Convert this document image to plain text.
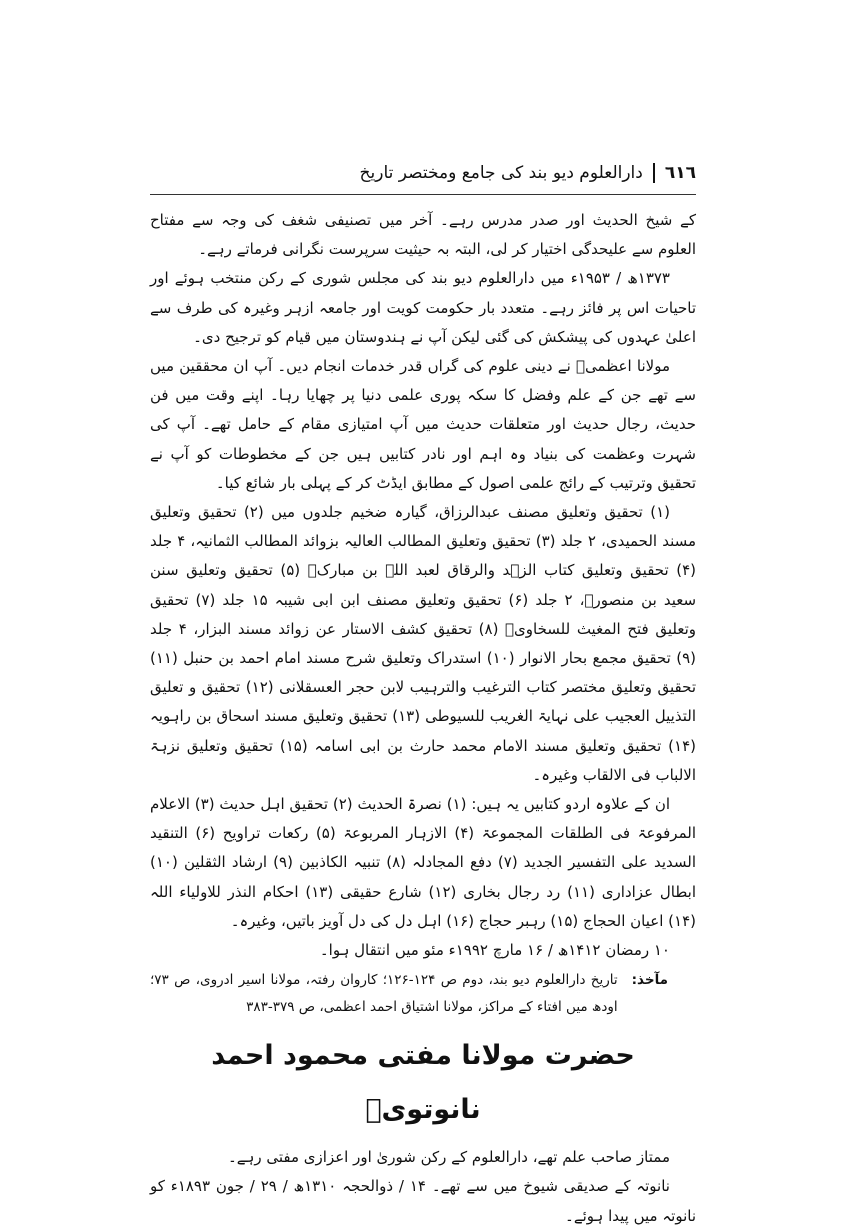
٦١٦
دارالعلوم دیو بند کی جامع ومختصر تاریخ

کے شیخ الحدیث اور صدر مدرس رہے۔ آخر میں تصنیفی شغف کی وجہ سے مفتاح العلوم سے علیحدگی اختیار کر لی، البتہ بہ حیثیت سرپرست نگرانی فرماتے رہے۔

۱۳۷۳ھ / ۱۹۵۳ء میں دارالعلوم دیو بند کی مجلس شوری کے رکن منتخب ہوئے اور تاحیات اس پر فائز رہے۔ متعدد بار حکومت کویت اور جامعہ ازہر وغیرہ کی طرف سے اعلیٰ عہدوں کی پیشکش کی گئی لیکن آپ نے ہندوستان میں قیام کو ترجیح دی۔

مولانا اعظمیؒ نے دینی علوم کی گراں قدر خدمات انجام دیں۔ آپ ان محققین میں سے تھے جن کے علم وفضل کا سکہ پوری علمی دنیا پر چھایا رہا۔ اپنے وقت میں فن حدیث، رجال حدیث اور متعلقات حدیث میں آپ امتیازی مقام کے حامل تھے۔ آپ کی شہرت وعظمت کی بنیاد وہ اہم اور نادر کتابیں ہیں جن کے مخطوطات کو آپ نے تحقیق وترتیب کے رائج علمی اصول کے مطابق ایڈٹ کر کے پہلی بار شائع کیا۔

(۱) تحقیق وتعلیق مصنف عبدالرزاق، گیارہ ضخیم جلدوں میں (۲) تحقیق وتعلیق مسند الحمیدی، ۲ جلد (۳) تحقیق وتعلیق المطالب العالیہ بزوائد المطالب الثمانیہ، ۴ جلد (۴) تحقیق وتعلیق کتاب الزہد والرقاق لعبد اللہ بن مبارکؒ (۵) تحقیق وتعلیق سنن سعید بن منصورؒ، ۲ جلد (۶) تحقیق وتعلیق مصنف ابن ابی شیبہ ۱۵ جلد (۷) تحقیق وتعلیق فتح المغیث للسخاویؒ (۸) تحقیق کشف الاستار عن زوائد مسند البزار، ۴ جلد (۹) تحقیق مجمع بحار الانوار (۱۰) استدراک وتعلیق شرح مسند امام احمد بن حنبل (۱۱) تحقیق وتعلیق مختصر کتاب الترغیب والترہیب لابن حجر العسقلانی (۱۲) تحقیق و تعلیق التذییل العجیب علی نہایۃ الغریب للسیوطی (۱۳) تحقیق وتعلیق مسند اسحاق بن راہویہ (۱۴) تحقیق وتعلیق مسند الامام محمد حارث بن ابی اسامہ (۱۵) تحقیق وتعلیق نزہۃ الالباب فی الالقاب وغیرہ۔

ان کے علاوہ اردو کتابیں یہ ہیں: (۱) نصرۃ الحدیث (۲) تحقیق اہل حدیث (۳) الاعلام المرفوعۃ فی الطلقات المجموعۃ (۴) الازہار المربوعۃ (۵) رکعات تراویح (۶) التنقید السدید علی التفسیر الجدید (۷) دفع المجادلہ (۸) تنبیہ الکاذبین (۹) ارشاد الثقلین (۱۰) ابطال عزاداری (۱۱) رد رجال بخاری (۱۲) شارع حقیقی (۱۳) احکام النذر للاولیاء اللہ (۱۴) اعیان الحجاج (۱۵) رہبر حجاج (۱۶) اہل دل کی دل آویز باتیں، وغیرہ۔

۱۰ رمضان ۱۴۱۲ھ / ۱۶ مارچ ۱۹۹۲ء مئو میں انتقال ہوا۔

مآخذ:
تاریخ دارالعلوم دیو بند، دوم ص ۱۲۴-۱۲۶؛ کاروان رفتہ، مولانا اسیر ادروی، ص ۷۳؛ اودھ میں افتاء کے مراکز، مولانا اشتیاق احمد اعظمی، ص ۳۷۹-۳۸۳
حضرت مولانا مفتی محمود احمد نانوتویؒ

ممتاز صاحب علم تھے، دارالعلوم کے رکن شوریٰ اور اعزازی مفتی رہے۔

نانوتہ کے صدیقی شیوخ میں سے تھے۔ ۱۴ / ذوالحجہ ۱۳۱۰ھ / ۲۹ / جون ۱۸۹۳ء کو نانوتہ میں پیدا ہوئے۔
